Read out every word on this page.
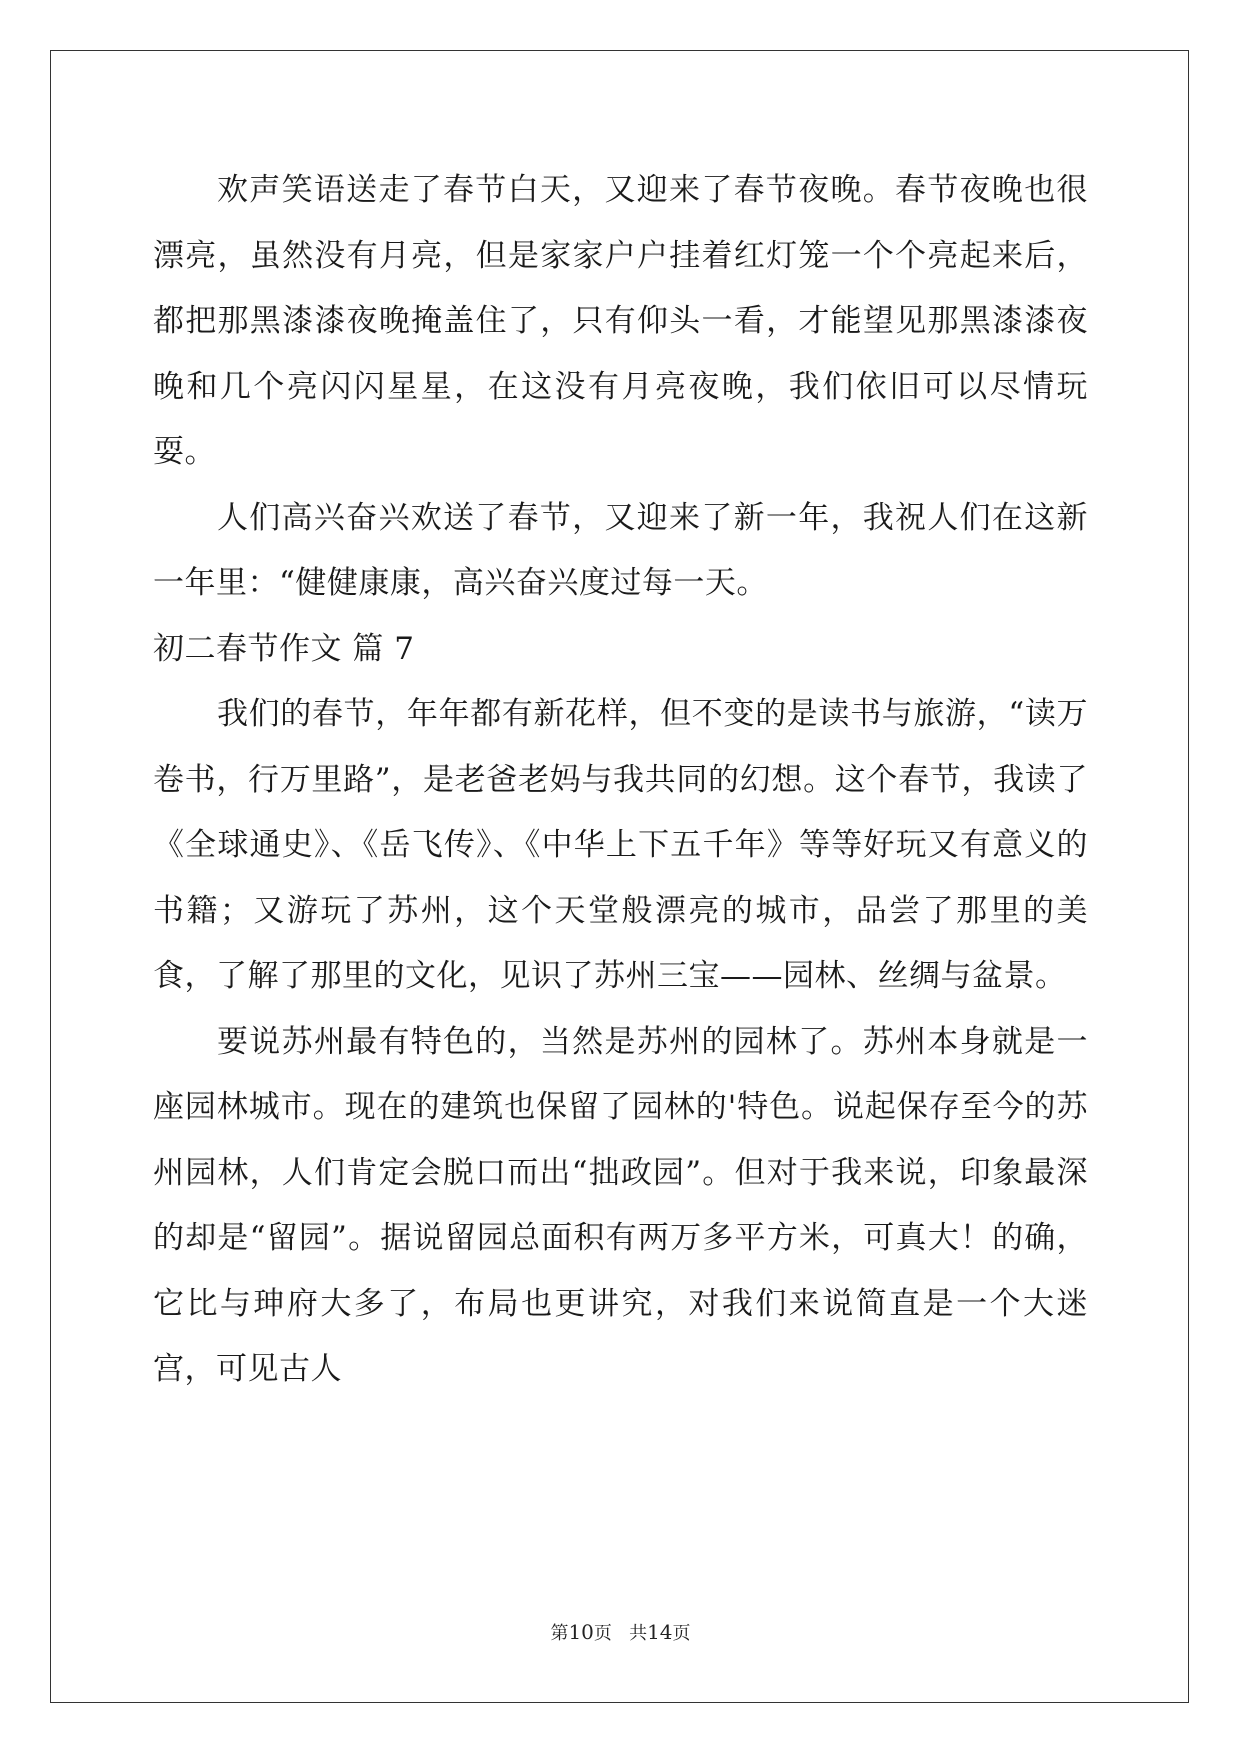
欢声笑语送走了春节白天，又迎来了春节夜晚。春节夜晚也很漂亮，虽然没有月亮，但是家家户户挂着红灯笼一个个亮起来后，都把那黑漆漆夜晚掩盖住了，只有仰头一看，才能望见那黑漆漆夜晚和几个亮闪闪星星，在这没有月亮夜晚，我们依旧可以尽情玩耍。

人们高兴奋兴欢送了春节，又迎来了新一年，我祝人们在这新一年里：“健健康康，高兴奋兴度过每一天。

初二春节作文 篇 7

我们的春节，年年都有新花样，但不变的是读书与旅游，“读万卷书，行万里路”，是老爸老妈与我共同的幻想。这个春节，我读了《全球通史》、《岳飞传》、《中华上下五千年》等等好玩又有意义的书籍；又游玩了苏州，这个天堂般漂亮的城市，品尝了那里的美食，了解了那里的文化，见识了苏州三宝——园林、丝绸与盆景。

要说苏州最有特色的，当然是苏州的园林了。苏州本身就是一座园林城市。现在的建筑也保留了园林的'特色。说起保存至今的苏州园林，人们肯定会脱口而出“拙政园”。但对于我来说，印象最深的却是“留园”。据说留园总面积有两万多平方米，可真大！的确，它比与珅府大多了，布局也更讲究，对我们来说简直是一个大迷宫，可见古人

第10页   共14页
